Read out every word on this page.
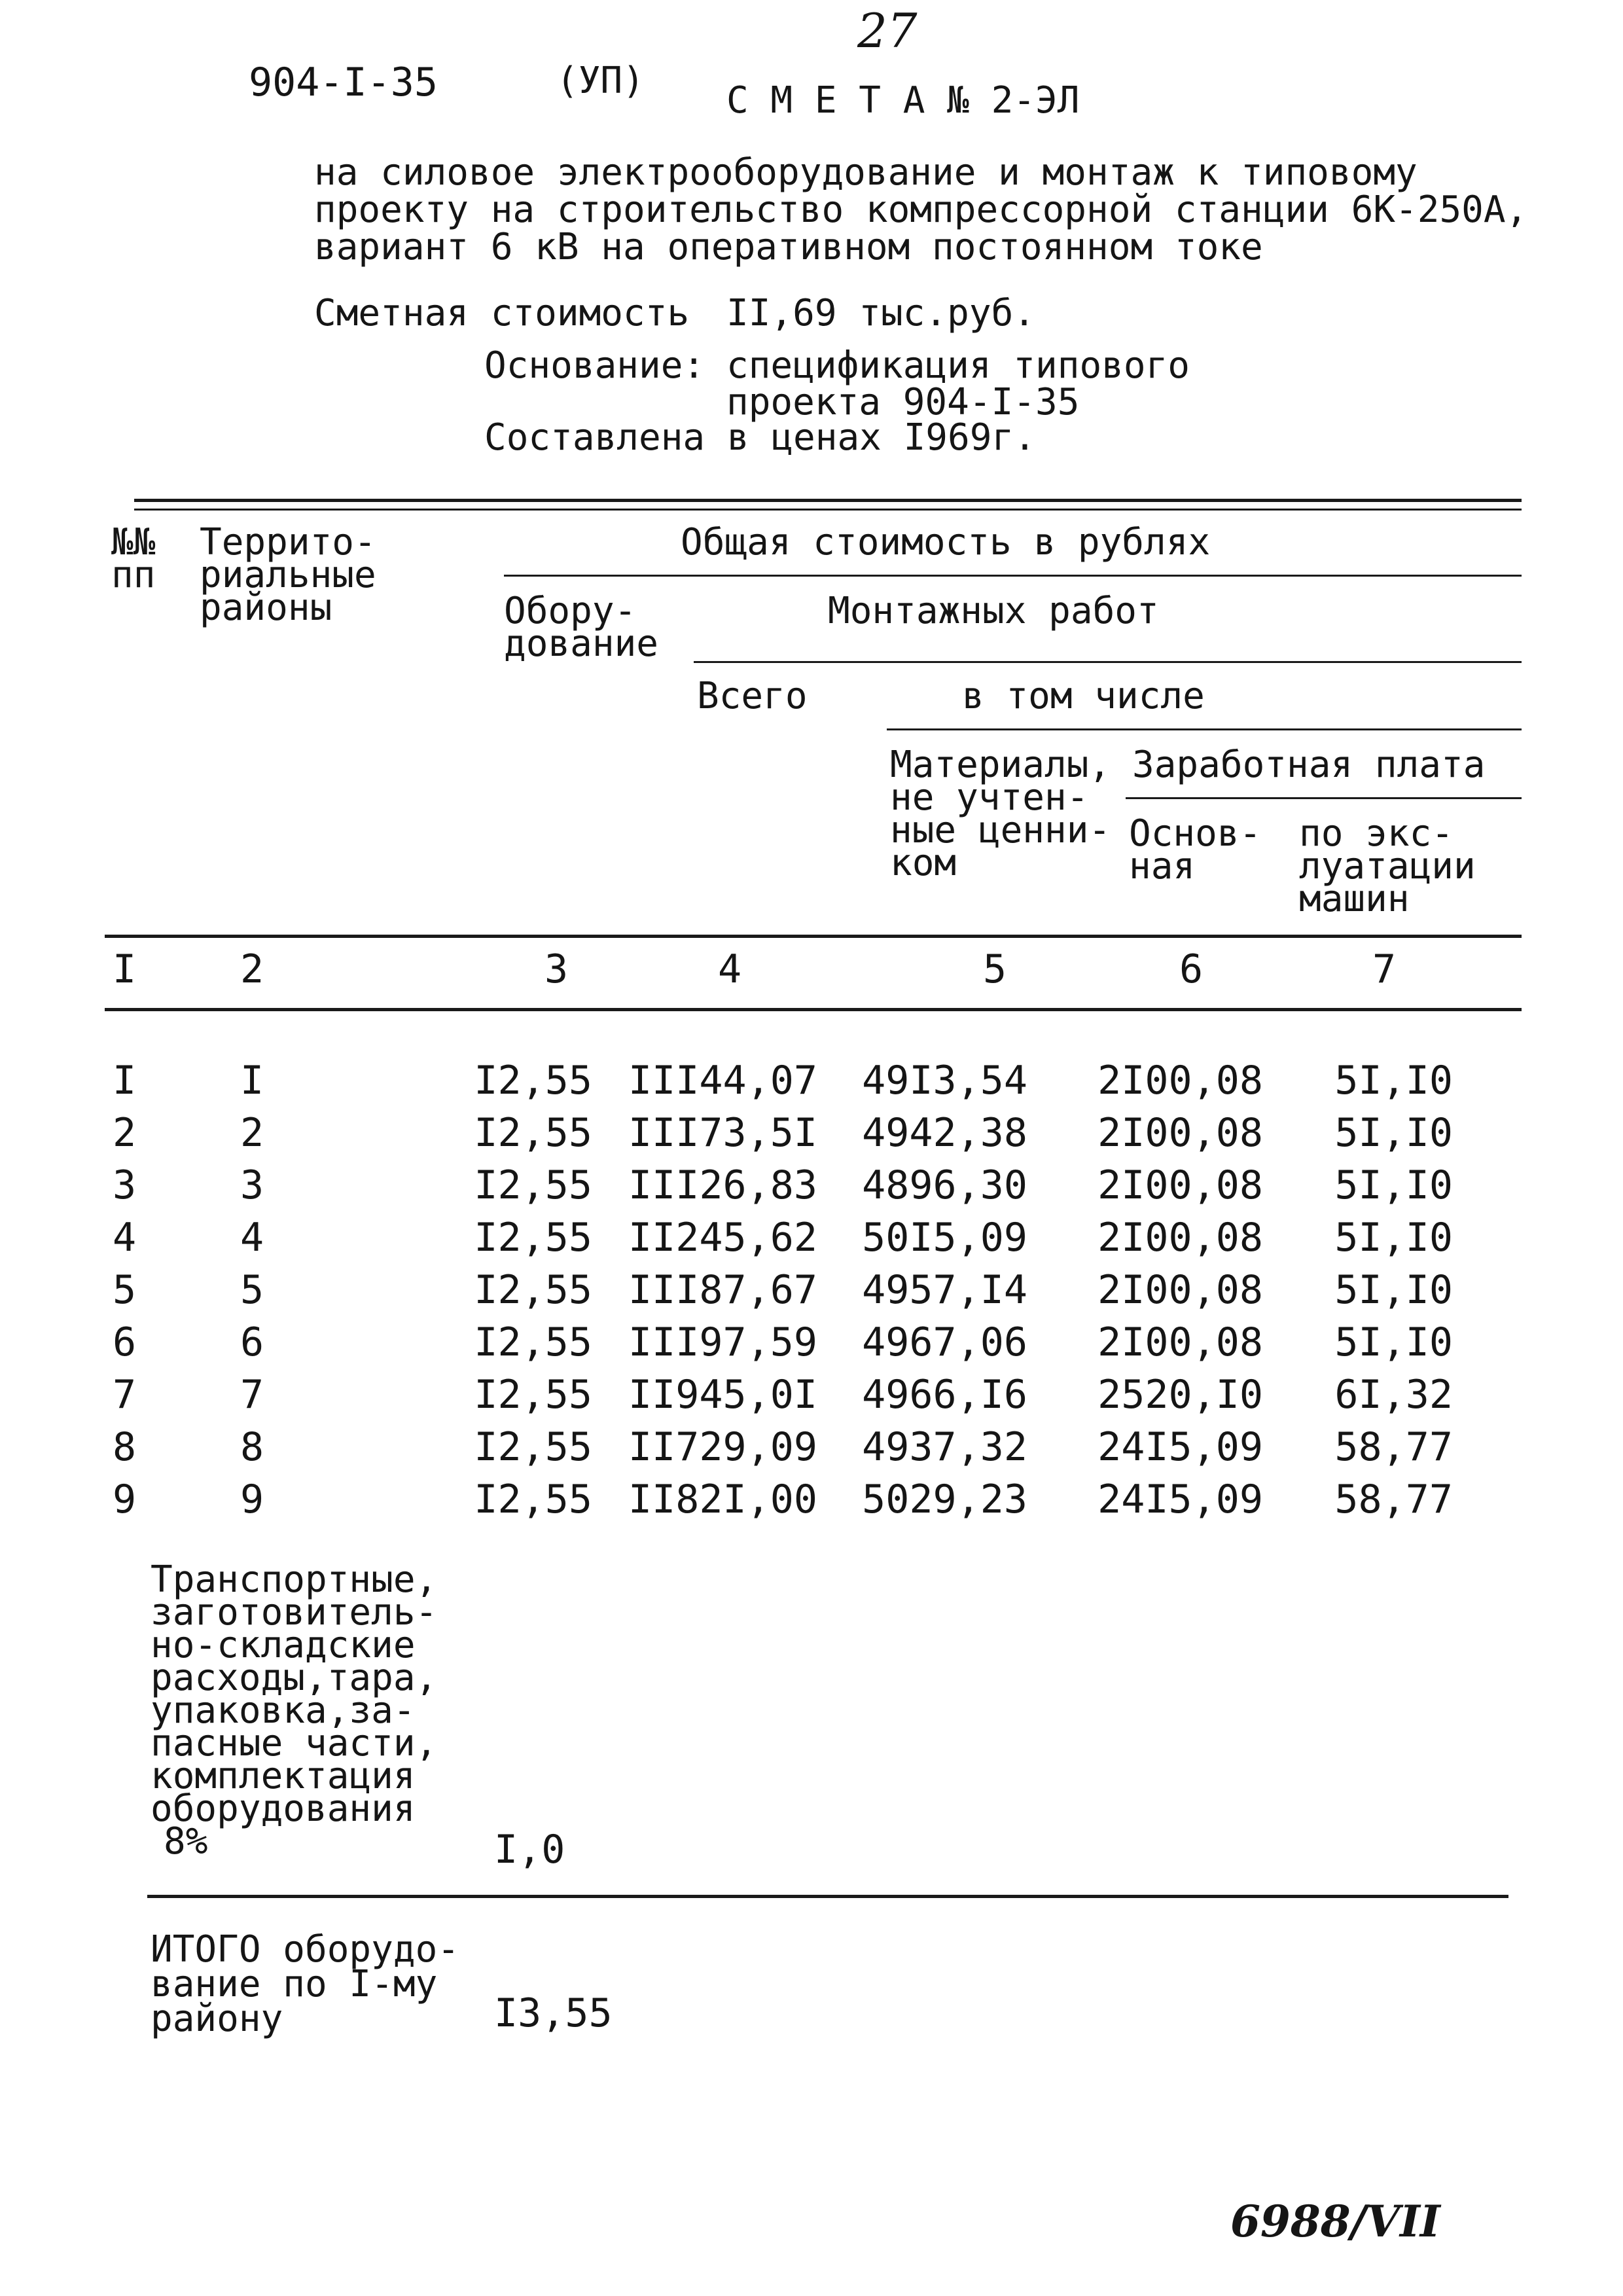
27
904-I-35	(УП) С М Е Т А № 2-ЭЛ
на силовое электрооборудование и монтаж к типовому
проекту на строительство компрессорной станции 6К-250А,
вариант 6 кВ на оперативном постоянном токе
Сметная стоимость II,69 тыс.руб.
Основание: спецификация типового
проекта 904-I-35
Составлена в ценах I969г.
№№
пп
Террито-
риальные
районы
Общая стоимость в рублях
Обору-
дование
Монтажных работ
Всего	в том числе
Материалы,
не учтен-
ные ценни-
ком
Заработная плата
Основ-
ная
по экс-
луатации
машин
I	2	3	4	5	6	7
I	I	I2,55 III44,07 49I3,54	2I00,08	5I,I0
2	2	I2,55 III73,5I 4942,38	2I00,08	5I,I0
3	3	I2,55 III26,83 4896,30	2I00,08	5I,I0
4	4	I2,55 II245,62 50I5,09	2I00,08	5I,I0
5	5	I2,55 III87,67 4957,I4	2I00,08	5I,I0
6	6	I2,55 III97,59 4967,06	2I00,08	5I,I0
7	7	I2,55 II945,0I 4966,I6	2520,I0	6I,32
8	8	I2,55 II729,09 4937,32	24I5,09	58,77
9	9	I2,55 II82I,00 5029,23	24I5,09	58,77
Транспортные,
заготовитель-
но-складские
расходы,тара,
упаковка,за-
пасные части,
комплектация
оборудования
8%	I,0
ИТОГО оборудо-
вание по I-му
району	I3,55
6988/VII
